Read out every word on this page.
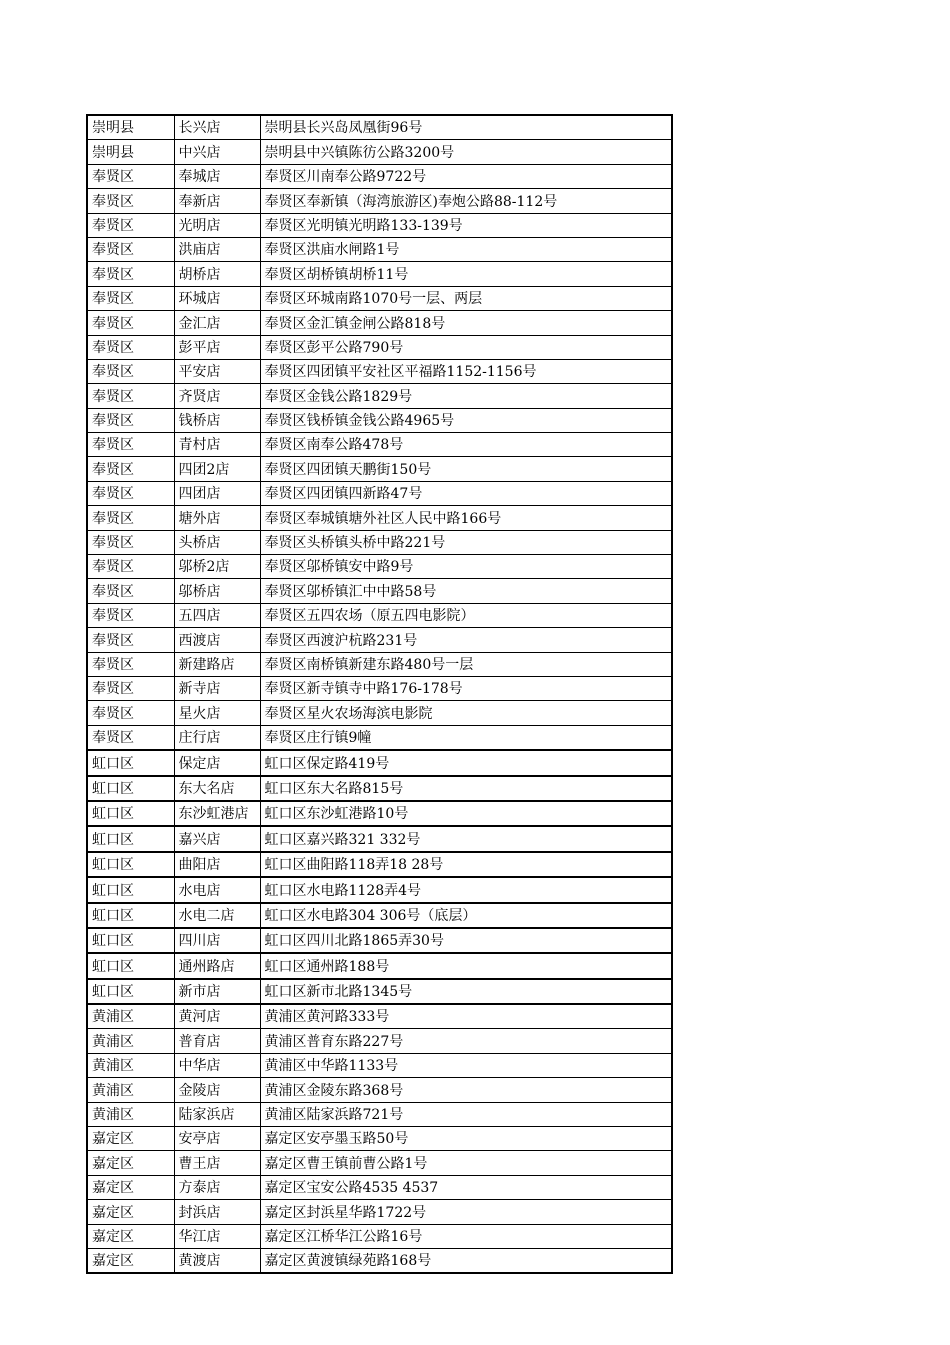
崇明县	长兴店	崇明县长兴岛凤凰街96号
崇明县	中兴店	崇明县中兴镇陈彷公路3200号
奉贤区	奉城店	奉贤区川南奉公路9722号
奉贤区	奉新店	奉贤区奉新镇（海湾旅游区)奉炮公路88-112号
奉贤区	光明店	奉贤区光明镇光明路133-139号
奉贤区	洪庙店	奉贤区洪庙水闸路1号
奉贤区	胡桥店	奉贤区胡桥镇胡桥11号
奉贤区	环城店	奉贤区环城南路1070号一层、两层
奉贤区	金汇店	奉贤区金汇镇金闸公路818号
奉贤区	彭平店	奉贤区彭平公路790号
奉贤区	平安店	奉贤区四团镇平安社区平福路1152-1156号
奉贤区	齐贤店	奉贤区金钱公路1829号
奉贤区	钱桥店	奉贤区钱桥镇金钱公路4965号
奉贤区	青村店	奉贤区南奉公路478号
奉贤区	四团2店	奉贤区四团镇天鹏街150号
奉贤区	四团店	奉贤区四团镇四新路47号
奉贤区	塘外店	奉贤区奉城镇塘外社区人民中路166号
奉贤区	头桥店	奉贤区头桥镇头桥中路221号
奉贤区	邬桥2店	奉贤区邬桥镇安中路9号
奉贤区	邬桥店	奉贤区邬桥镇汇中中路58号
奉贤区	五四店	奉贤区五四农场（原五四电影院）
奉贤区	西渡店	奉贤区西渡沪杭路231号
奉贤区	新建路店	奉贤区南桥镇新建东路480号一层
奉贤区	新寺店	奉贤区新寺镇寺中路176-178号
奉贤区	星火店	奉贤区星火农场海滨电影院
奉贤区	庄行店	奉贤区庄行镇9幢
虹口区	保定店	虹口区保定路419号
虹口区	东大名店	虹口区东大名路815号
虹口区	东沙虹港店	虹口区东沙虹港路10号
虹口区	嘉兴店	虹口区嘉兴路321 332号
虹口区	曲阳店	虹口区曲阳路118弄18 28号
虹口区	水电店	虹口区水电路1128弄4号
虹口区	水电二店	虹口区水电路304 306号（底层）
虹口区	四川店	虹口区四川北路1865弄30号
虹口区	通州路店	虹口区通州路188号
虹口区	新市店	虹口区新市北路1345号
黄浦区	黄河店	黄浦区黄河路333号
黄浦区	普育店	黄浦区普育东路227号
黄浦区	中华店	黄浦区中华路1133号
黄浦区	金陵店	黄浦区金陵东路368号
黄浦区	陆家浜店	黄浦区陆家浜路721号
嘉定区	安亭店	嘉定区安亭墨玉路50号
嘉定区	曹王店	嘉定区曹王镇前曹公路1号
嘉定区	方泰店	嘉定区宝安公路4535 4537
嘉定区	封浜店	嘉定区封浜星华路1722号
嘉定区	华江店	嘉定区江桥华江公路16号
嘉定区	黄渡店	嘉定区黄渡镇绿苑路168号
